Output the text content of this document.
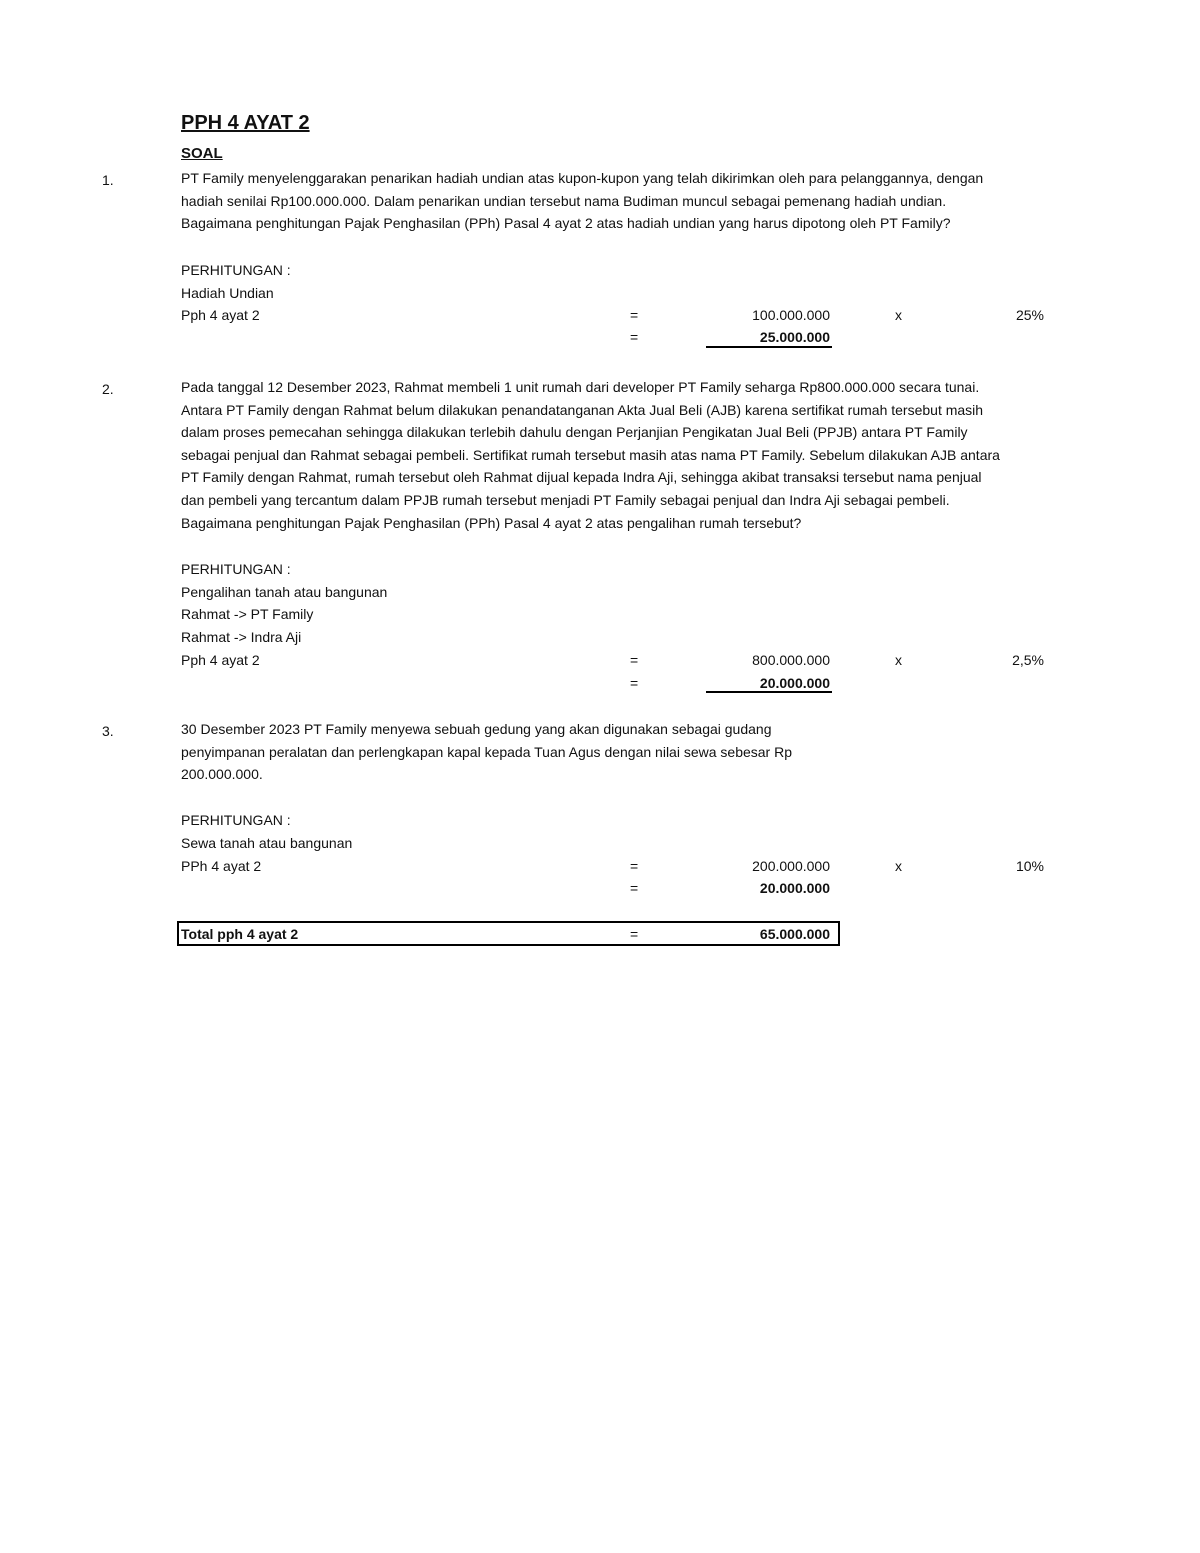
PPH 4 AYAT 2
SOAL
1.	PT Family menyelenggarakan penarikan hadiah undian atas kupon-kupon yang telah dikirimkan oleh para pelanggannya, dengan
hadiah senilai Rp100.000.000. Dalam penarikan undian tersebut nama Budiman muncul sebagai pemenang hadiah undian.
Bagaimana penghitungan Pajak Penghasilan (PPh) Pasal 4 ayat 2 atas hadiah undian yang harus dipotong oleh PT Family?
PERHITUNGAN :
Hadiah Undian
Pph 4 ayat 2	=	100.000.000	x	25%
=	25.000.000
2.	Pada tanggal 12 Desember 2023, Rahmat membeli 1 unit rumah dari developer PT Family seharga Rp800.000.000 secara tunai.
Antara PT Family dengan Rahmat belum dilakukan penandatanganan Akta Jual Beli (AJB) karena sertifikat rumah tersebut masih
dalam proses pemecahan sehingga dilakukan terlebih dahulu dengan Perjanjian Pengikatan Jual Beli (PPJB) antara PT Family
sebagai penjual dan Rahmat sebagai pembeli. Sertifikat rumah tersebut masih atas nama PT Family. Sebelum dilakukan AJB antara
PT Family dengan Rahmat, rumah tersebut oleh Rahmat dijual kepada Indra Aji, sehingga akibat transaksi tersebut nama penjual
dan pembeli yang tercantum dalam PPJB rumah tersebut menjadi PT Family sebagai penjual dan Indra Aji sebagai pembeli.
Bagaimana penghitungan Pajak Penghasilan (PPh) Pasal 4 ayat 2 atas pengalihan rumah tersebut?
PERHITUNGAN :
Pengalihan tanah atau bangunan
Rahmat -> PT Family
Rahmat -> Indra Aji
Pph 4 ayat 2	=	800.000.000	x	2,5%
=	20.000.000
3.	30 Desember 2023 PT Family menyewa sebuah gedung yang akan digunakan sebagai gudang
penyimpanan peralatan dan perlengkapan kapal kepada Tuan Agus dengan nilai sewa sebesar Rp
200.000.000.
PERHITUNGAN :
Sewa tanah atau bangunan
PPh 4 ayat 2	=	200.000.000	x	10%
=	20.000.000
Total pph 4 ayat 2	=	65.000.000
